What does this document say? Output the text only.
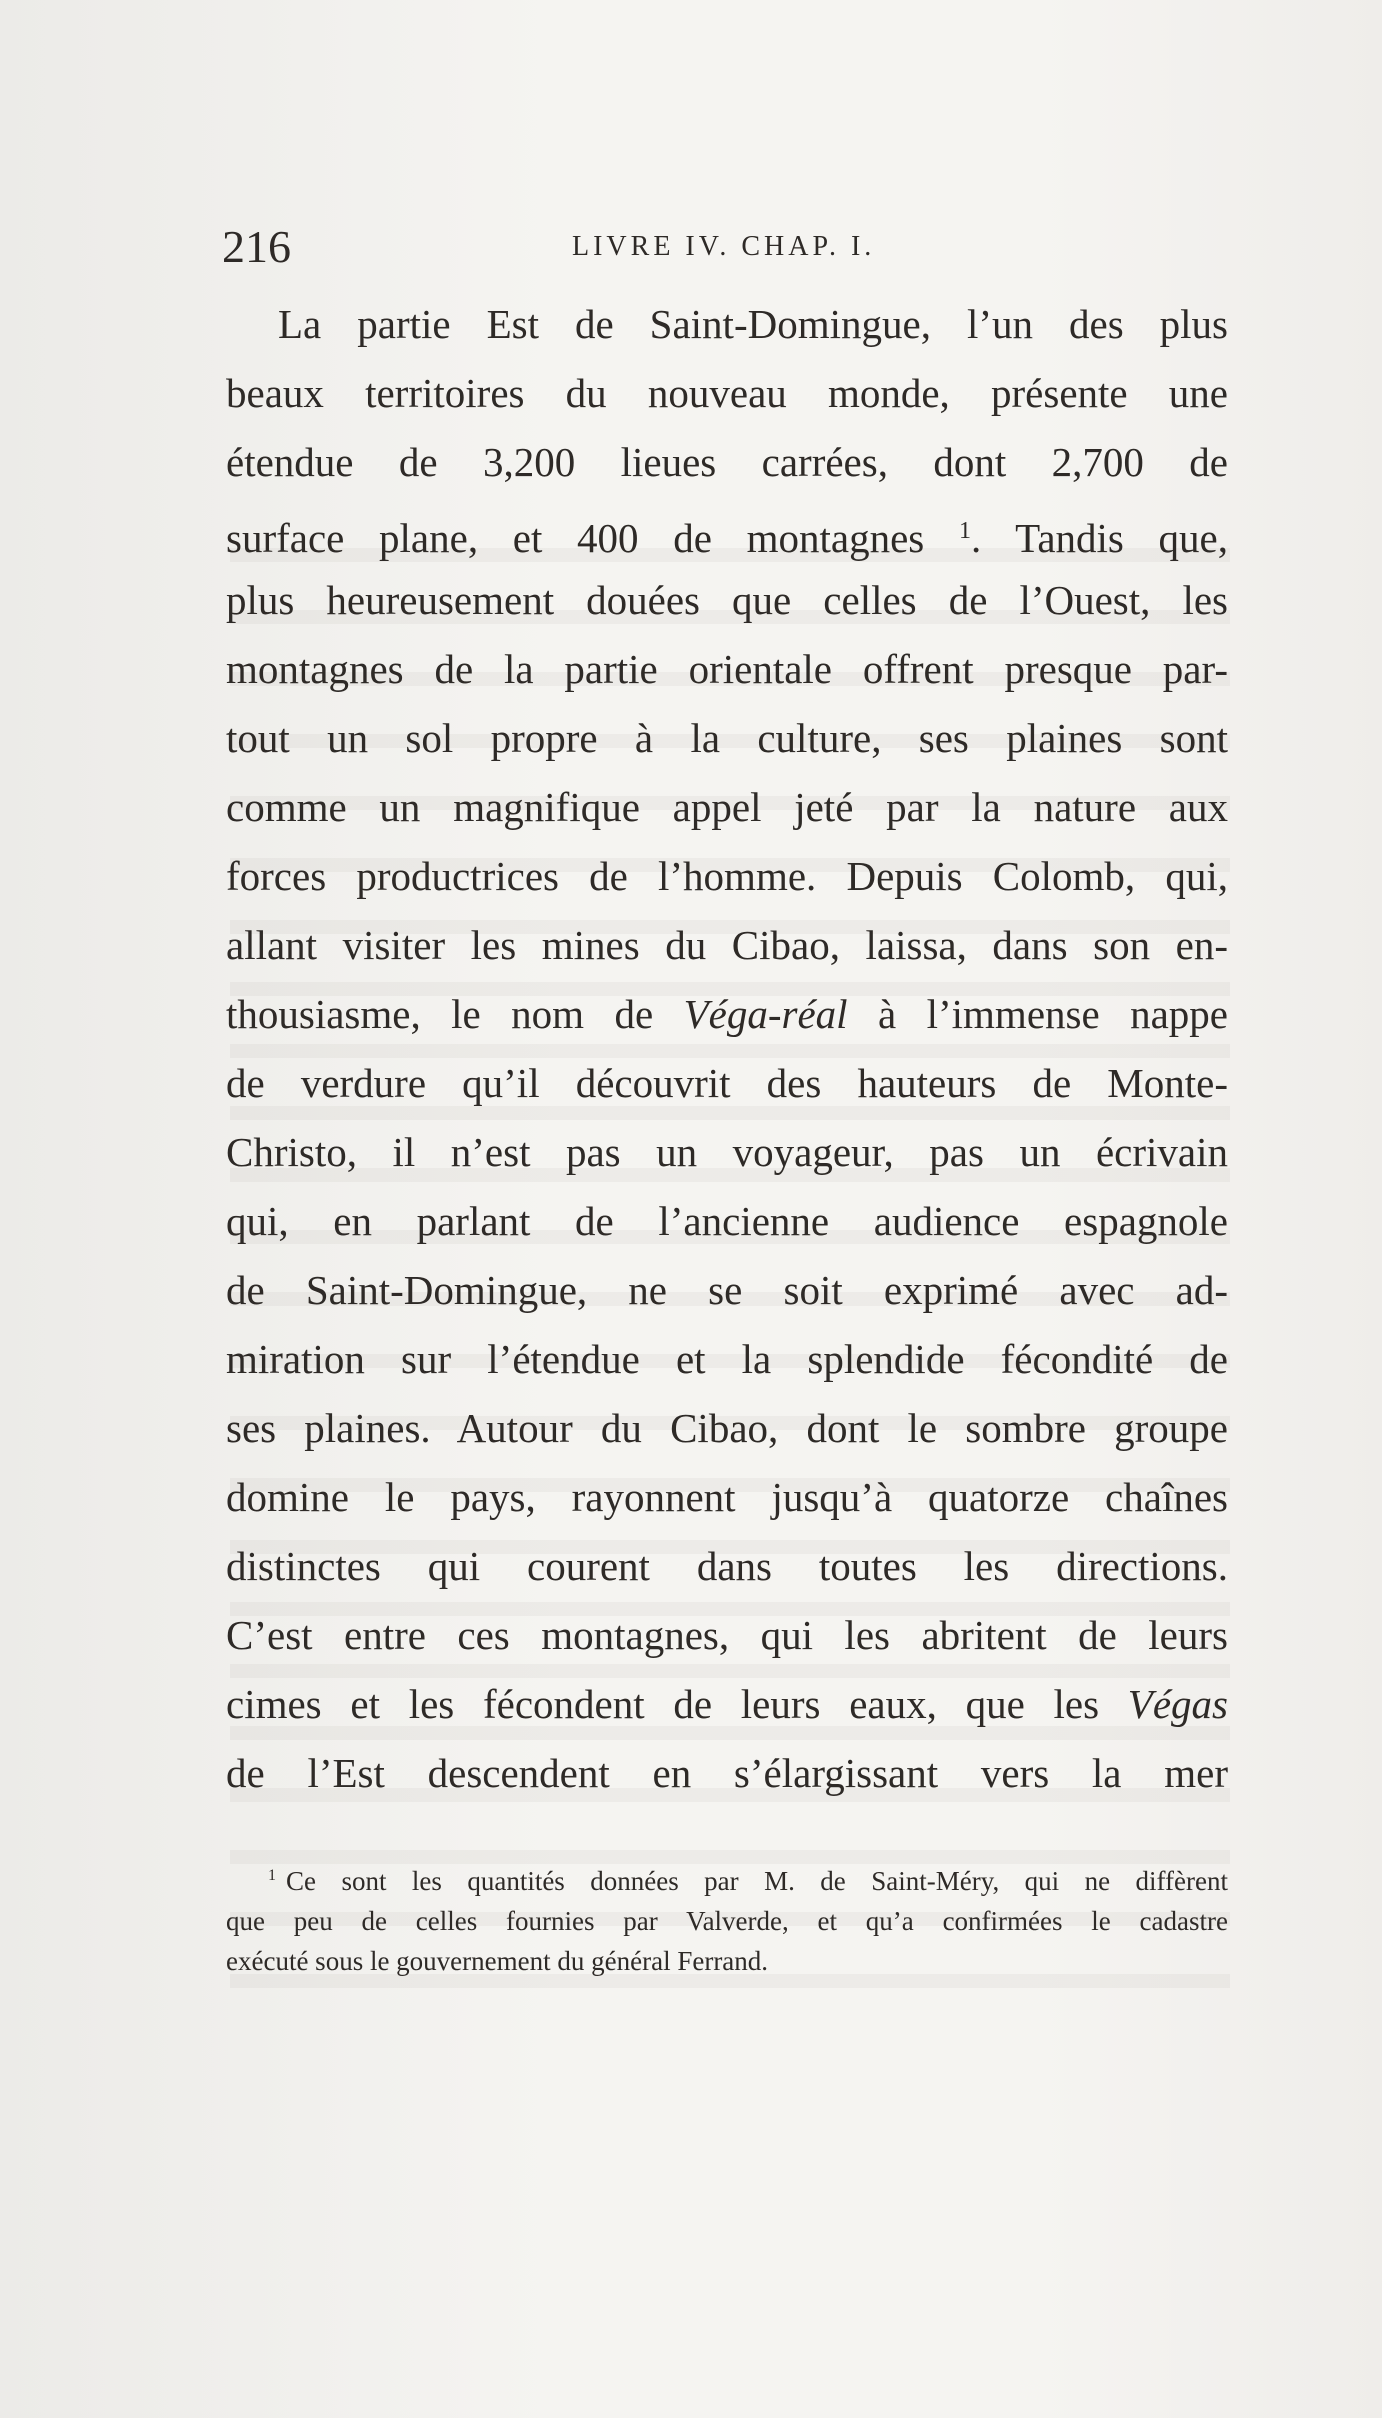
216	LIVRE IV. CHAP. I.
La partie Est de Saint-Domingue, l’un des plus
beaux territoires du nouveau monde, présente une
étendue de 3,200 lieues carrées, dont 2,700 de
surface plane, et 400 de montagnes $^1$. Tandis que,
plus heureusement douées que celles de l’Ouest, les
montagnes de la partie orientale offrent presque par-
tout un sol propre à la culture, ses plaines sont
comme un magnifique appel jeté par la nature aux
forces productrices de l’homme. Depuis Colomb, qui,
allant visiter les mines du Cibao, laissa, dans son en-
thousiasme, le nom de Véga-réal à l’immense nappe
de verdure qu’il découvrit des hauteurs de Monte-
Christo, il n’est pas un voyageur, pas un écrivain
qui, en parlant de l’ancienne audience espagnole
de Saint-Domingue, ne se soit exprimé avec ad-
miration sur l’étendue et la splendide fécondité de
ses plaines. Autour du Cibao, dont le sombre groupe
domine le pays, rayonnent jusqu’à quatorze chaînes
distinctes qui courent dans toutes les directions.
C’est entre ces montagnes, qui les abritent de leurs
cimes et les fécondent de leurs eaux, que les Végas
de l’Est descendent en s’élargissant vers la mer
$^1$ Ce sont les quantités données par M. de Saint-Méry, qui ne diffèrent
que peu de celles fournies par Valverde, et qu’a confirmées le cadastre
exécuté sous le gouvernement du général Ferrand.
